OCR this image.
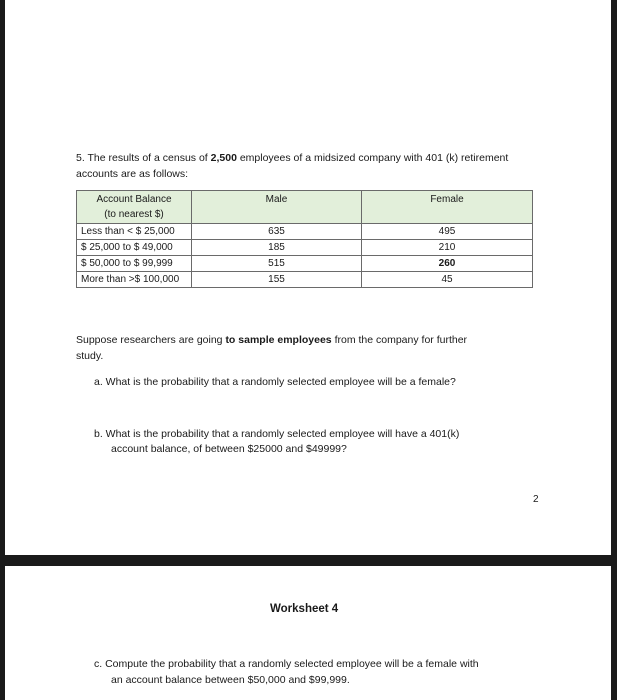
5. The results of a census of 2,500 employees of a midsized company with 401 (k) retirement
accounts are as follows:
Account Balance
(to nearest $)	Male	Female
Less than < $ 25,000	635	495
$ 25,000 to $ 49,000	185	210
$ 50,000 to $ 99,999	515	260
More than >$ 100,000	155	45
Suppose researchers are going to sample employees from the company for further
study.
a. What is the probability that a randomly selected employee will be a female?
b. What is the probability that a randomly selected employee will have a 401(k)
account balance, of between $25000 and $49999?
2
Worksheet 4
c. Compute the probability that a randomly selected employee will be a female with
an account balance between $50,000 and $99,999.
